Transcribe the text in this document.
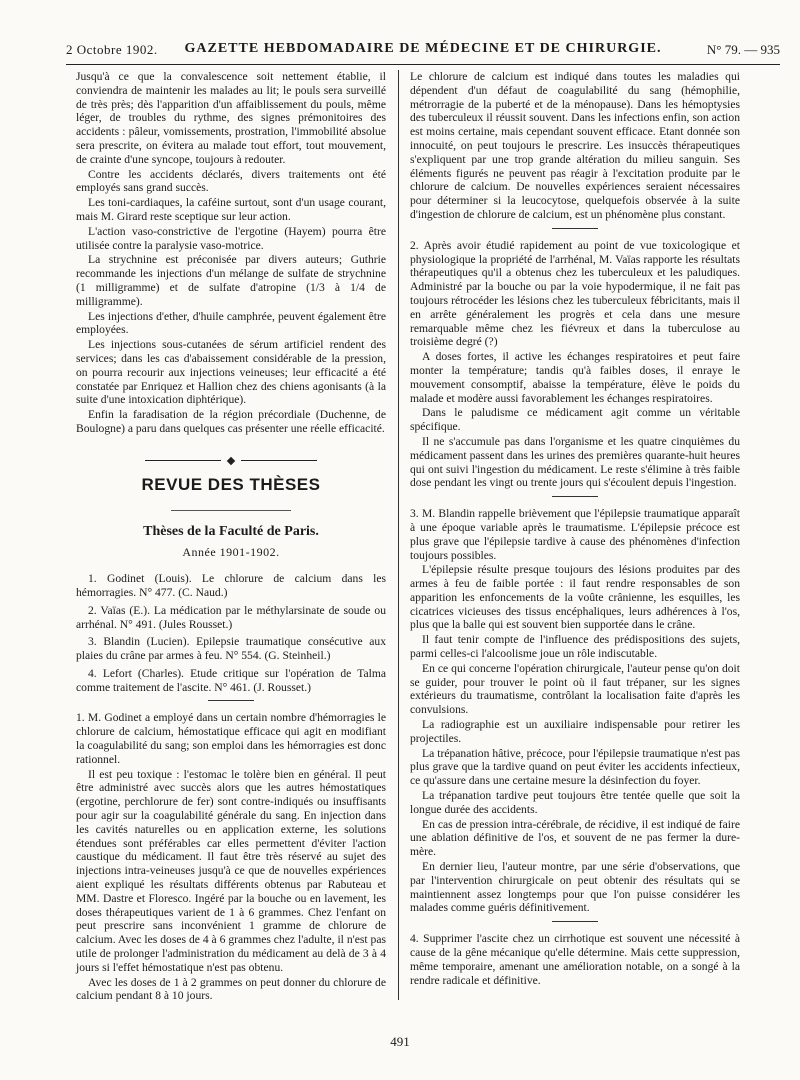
2 Octobre 1902.	GAZETTE HEBDOMADAIRE DE MÉDECINE ET DE CHIRURGIE.	N° 79. — 935

Jusqu'à ce que la convalescence soit nettement établie, il conviendra de maintenir les malades au lit; le pouls sera surveillé de très près; dès l'apparition d'un affaiblissement du pouls, même léger, de troubles du rythme, des signes prémonitoires des accidents : pâleur, vomissements, prostration, l'immobilité absolue sera prescrite, on évitera au malade tout effort, tout mouvement, de crainte d'une syncope, toujours à redouter.

Contre les accidents déclarés, divers traitements ont été employés sans grand succès.

Les toni-cardiaques, la caféine surtout, sont d'un usage courant, mais M. Girard reste sceptique sur leur action.

L'action vaso-constrictive de l'ergotine (Hayem) pourra être utilisée contre la paralysie vaso-motrice.

La strychnine est préconisée par divers auteurs; Guthrie recommande les injections d'un mélange de sulfate de strychnine (1 milligramme) et de sulfate d'atropine (1/3 à 1/4 de milligramme).

Les injections d'ether, d'huile camphrée, peuvent également être employées.

Les injections sous-cutanées de sérum artificiel rendent des services; dans les cas d'abaissement considérable de la pression, on pourra recourir aux injections veineuses; leur efficacité a été constatée par Enriquez et Hallion chez des chiens agonisants (à la suite d'une intoxication diphtérique).

Enfin la faradisation de la région précordiale (Duchenne, de Boulogne) a paru dans quelques cas présenter une réelle efficacité.

REVUE DES THÈSES
Thèses de la Faculté de Paris.
Année 1901-1902.

1. Godinet (Louis). Le chlorure de calcium dans les hémorragies. N° 477. (C. Naud.)

2. Vaïas (E.). La médication par le méthylarsinate de soude ou arrhénal. N° 491. (Jules Rousset.)

3. Blandin (Lucien). Epilepsie traumatique consécutive aux plaies du crâne par armes à feu. N° 554. (G. Steinheil.)

4. Lefort (Charles). Etude critique sur l'opération de Talma comme traitement de l'ascite. N° 461. (J. Rousset.)

1. M. Godinet a employé dans un certain nombre d'hémorragies le chlorure de calcium, hémostatique efficace qui agit en modifiant la coagulabilité du sang; son emploi dans les hémorragies est donc rationnel.

Il est peu toxique : l'estomac le tolère bien en général. Il peut être administré avec succès alors que les autres hémostatiques (ergotine, perchlorure de fer) sont contre-indiqués ou insuffisants pour agir sur la coagulabilité générale du sang. En injection dans les cavités naturelles ou en application externe, les solutions étendues sont préférables car elles permettent d'éviter l'action caustique du médicament. Il faut être très réservé au sujet des injections intra-veineuses jusqu'à ce que de nouvelles expériences aient expliqué les résultats différents obtenus par Rabuteau et MM. Dastre et Floresco. Ingéré par la bouche ou en lavement, les doses thérapeutiques varient de 1 à 6 grammes. Chez l'enfant on peut prescrire sans inconvénient 1 gramme de chlorure de calcium. Avec les doses de 4 à 6 grammes chez l'adulte, il n'est pas utile de prolonger l'administration du médicament au delà de 3 à 4 jours si l'effet hémostatique n'est pas obtenu.

Avec les doses de 1 à 2 grammes on peut donner du chlorure de calcium pendant 8 à 10 jours.

Le chlorure de calcium est indiqué dans toutes les maladies qui dépendent d'un défaut de coagulabilité du sang (hémophilie, métrorragie de la puberté et de la ménopause). Dans les hémoptysies des tuberculeux il réussit souvent. Dans les infections enfin, son action est moins certaine, mais cependant souvent efficace. Etant donnée son innocuité, on peut toujours le prescrire. Les insuccès thérapeutiques s'expliquent par une trop grande altération du milieu sanguin. Ses éléments figurés ne peuvent pas réagir à l'excitation produite par le chlorure de calcium. De nouvelles expériences seraient nécessaires pour déterminer si la leucocytose, quelquefois observée à la suite d'ingestion de chlorure de calcium, est un phénomène plus constant.

2. Après avoir étudié rapidement au point de vue toxicologique et physiologique la propriété de l'arrhénal, M. Vaïas rapporte les résultats thérapeutiques qu'il a obtenus chez les tuberculeux et les paludiques. Administré par la bouche ou par la voie hypodermique, il ne fait pas toujours rétrocéder les lésions chez les tuberculeux fébricitants, mais il en arrête généralement les progrès et cela dans une mesure remarquable même chez les fiévreux et dans la tuberculose au troisième degré (?)

A doses fortes, il active les échanges respiratoires et peut faire monter la température; tandis qu'à faibles doses, il enraye le mouvement consomptif, abaisse la température, élève le poids du malade et modère aussi favorablement les échanges respiratoires.

Dans le paludisme ce médicament agit comme un véritable spécifique.

Il ne s'accumule pas dans l'organisme et les quatre cinquièmes du médicament passent dans les urines des premières quarante-huit heures qui ont suivi l'ingestion du médicament. Le reste s'élimine à très faible dose pendant les vingt ou trente jours qui s'écoulent depuis l'ingestion.

3. M. Blandin rappelle brièvement que l'épilepsie traumatique apparaît à une époque variable après le traumatisme. L'épilepsie précoce est plus grave que l'épilepsie tardive à cause des phénomènes d'infection toujours possibles.

L'épilepsie résulte presque toujours des lésions produites par des armes à feu de faible portée : il faut rendre responsables de son apparition les enfoncements de la voûte crânienne, les esquilles, les cicatrices vicieuses des tissus encéphaliques, leurs adhérences à l'os, plus que la balle qui est souvent bien supportée dans le crâne.

Il faut tenir compte de l'influence des prédispositions des sujets, parmi celles-ci l'alcoolisme joue un rôle indiscutable.

En ce qui concerne l'opération chirurgicale, l'auteur pense qu'on doit se guider, pour trouver le point où il faut trépaner, sur les signes extérieurs du traumatisme, contrôlant la localisation faite d'après les convulsions.

La radiographie est un auxiliaire indispensable pour retirer les projectiles.

La trépanation hâtive, précoce, pour l'épilepsie traumatique n'est pas plus grave que la tardive quand on peut éviter les accidents infectieux, ce qu'assure dans une certaine mesure la désinfection du foyer.

La trépanation tardive peut toujours être tentée quelle que soit la longue durée des accidents.

En cas de pression intra-cérébrale, de récidive, il est indiqué de faire une ablation définitive de l'os, et souvent de ne pas fermer la dure-mère.

En dernier lieu, l'auteur montre, par une série d'observations, que par l'intervention chirurgicale on peut obtenir des résultats qui se maintiennent assez longtemps pour que l'on puisse considérer les malades comme guéris définitivement.

4. Supprimer l'ascite chez un cirrhotique est souvent une nécessité à cause de la gêne mécanique qu'elle détermine. Mais cette suppression, même temporaire, amenant une amélioration notable, on a songé à la rendre radicale et définitive.

491
